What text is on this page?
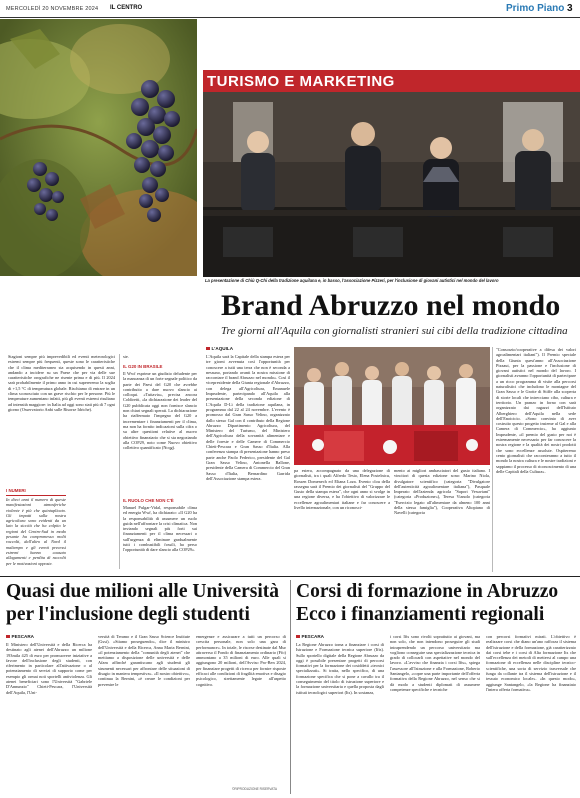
MERCOLEDÌ 20 NOVEMBRE 2024 IL CENTRO	Primo Piano 3
I NUMERI
In dieci anni il numero di queste manifestazioni atmosferiche violente è più che quintuplicato. Gli impatti sulla nostra agricoltura sono evidenti da un lato la siccità che ha colpito le regioni del Centro-Sud in modo pesante ha compromesso molti raccolti, dall'altro al Nord il maltempo e gli eventi precessi estremi hanno causato allagamenti e perdita di raccolti per le motivazioni opposte.
Stagioni sempre più imprevedibili ed eventi meteorologici estremi sempre più frequenti, queste sono le caratteristiche che il clima mediterraneo sta acquisendo in questi anni, andando a incidere su un Paese che per via delle sue caratteristiche orografiche ne risente prima e di più. Il 2024 sarà probabilmente il primo anno in cui supereremo la soglia di +1,5 °C di temperatura globale. Rischiamo di entrare in un clima sconosciuto con un grave rischio per le persone. Più le temperature aumentano infatti, più gli eventi estremi risultano ad intensità maggiore: in Italia ad oggi sono stati più di 7 ogni giorno (Osservatorio Anbi sulle Risorse Idriche).
ste.
IL G20 IN BRASILE
Il Wwf esprime un giudizio deludente per la mancanza di un forte segnale politico da parte dei Paesi del G20 che avrebbe contribuito a dare nuovo slancio ai colloqui. «Tuttavia», precisa ancora Coldiretti, «la dichiarazione dei leader del G20 pubblicata oggi non fornisce slancio non chiari segnali sperati. La dichiarazione ha riaffermato l'impegno del G20 a incrementare i finanziamenti per il clima, ma non ha fornito indicazioni sulla cifra o su altre questioni relative al nuovo obiettivo finanziario che si sta negoziando alla COP29, noto come Nuovo obiettivo collettivo quantificato (Ncqg).
IL RUOLO CHE NON C'È
Manuel Pulgar-Vidal, responsabile clima ed energia Wwf, ha dichiarato: «Il G20 ha la responsabilità di assumere un ruolo guida nell'affrontare la crisi climatica. Non inviando segnali più forti sui finanziamenti per il clima necessari o sull'urgenza di eliminare gradualmente tutti i combustibili fossili, ha perso l'opportunità di dare slancio alla COP29».
TURISMO E MARKETING
La presentazione di Chiù Q-Chi della tradizione aquilana e, in basso, l'associazione Pizzeri, per l'inclusione di giovani autistici nel mondo del lavoro
Brand Abruzzo nel mondo
Tre giorni all'Aquila con giornalisti stranieri sui cibi della tradizione cittadina
L'AQUILA
L'Aquila sarà la Capitale della stampa estera per tre giorni avvenuta così l'opportunità per conoscere a tutti una terra che non è seconda a nessuno, portando avanti la nostra missione di raccontare il brand Abruzzo nel mondo». Così il vicepresidente della Giunta regionale d'Abruzzo, con delega all'Agricoltura, Emanuele Imprudente, partecipando all'Aquila alla presentazione della seconda edizione di L'Aquila D-Lì della tradizione aquilana, in programma dal 22 al 24 novembre. L'evento è promosso dal Gran Sasso Velino, organizzato dallo stesso Gal con il contributo della Regione Abruzzo Dipartimento Agricoltura, del Ministero del Turismo, del Ministero dell'Agricoltura della sovranità alimentare e delle foreste e delle Camere di Commercio Chieti-Pescara e Gran Sasso d'Italia. Alla conferenza stampa di presentazione hanno preso parte anche Paolo Federico, presidente del Gal Gran Sasso Velino, Antonella Ballone, presidente della Camera di Commercio del Gran Sasso d'Italia, Bernardino Garrida dell'Associazione stampa estera.
pa estera, accompagnato da una delegazione di giornalisti, tra i quali Alfredo Tesio, Elena Postelnicu, Rossen Domenech ed Eliana Loza. Evento clou della rassegna sarà il Premio dei giornalisti del "Gruppo del Gusto della stampa estera", che ogni anno si svolge in una regione diversa, e ha l'obiettivo di valorizzare le eccellenze agroalimentari italiane e far conoscere a livello internazionale, con un riconosci-
mento ai migliori ambasciatori del gusto italiano. I vincitori di questa edizione sono: Marino Niola, divulgatore scientifico (categoria "Divulgatore dell'autenticità agroalimentare italiana"), Pasquale Imperato dell'azienda agricola "Sapori Vesuviani" (categoria «Produzione»), Teresa Vianolo (categoria "Esercizio legato all'alimentare da almeno 100 anni della stessa famiglia"), Cooperativa Altopiano di Navelli (categoria
"Consorzio/cooperative a difesa dei valori agroalimentari italiani"). Il Premio speciale della Giunta quest'anno all'Associazione Pizzaut, per la passione e l'inclusione di giovani autistici nel mondo del lavoro. I giornalisti avranno l'opportunità di partecipare a un ricco programma di visite alla percorsi naturalistici che includono le montagne del Gran Sasso e le Grotte di Stiffe alla scoperta di storie locali che intrecciano cibo, cultura e territorio. Un pranzo in forno con sarà organizzato dai ragazzi dell'Istituto Alberghiero dell'Aquila nella sede dell'Enoicicio. «Sono convinto di aver costruito questo progetto insieme al Gal e alla Camera di Commercio», ha aggiunto Imprudente, «il premio del gusto per noi è estremamente necessario per far conoscere la nostra regione e la qualità dei nostri prodotti che sono eccellenze assolute. Ospiteremo cento giornalisti che racconteranno a tutto il mondo la nostra cultura e le nostre tradizioni e sappiamo il processo di riconoscimento di una delle Capitali della Cultura».
Quasi due milioni alle Università
per l'inclusione degli studenti
PESCARA
Il Ministero dell'Università e della Ricerca ha destinato agli atenei dell'Abruzzo un milione 193mila 425 di euro per promuovere iniziative a favore dell'inclusione degli studenti, con riferimento in particolare all'attivazione o al potenziamento di servizi di supporto come per esempio gli ormai noti sportelli antiviolenza. Gli atenei beneficiari sono l'Università "Gabriele D'Annunzio" Chieti-Pescara, l'Università dell'Aquila, l'Uni-
versità di Teramo e il Gran Sasso Science Institute (Gssi). «Stiamo proseguendo», dice il ministro dell'Università e della Ricerca, Anna Maria Bernini, «il potenziamento della "comunità degli atenei" che mettiamo a disposizione delle università e delle Afam affinché garantiscano agli studenti gli strumenti necessari per affrontare delle situazioni di disagio in maniera tempestiva». «Il nostro obiettivo», continua la Bernini, «è creare le condizioni per prevenire le
emergenze e assicurare a tutti un percorso di crescita personale, non solo una gara di performance». In totale, le risorse destinate dal Mur attraverso il Fondo di finanziamento ordinario (Ffo) ammontano a 35 milioni di euro. Alle quali si aggiungono 20 milioni, dell'Avviso Pro-Ben 2024, per finanziare progetti di ricerca per fornire risposte efficaci alle condizioni di fragilità emotiva e disagio psicologico, strettamente legate all'aspetto cognitivo.
©RIPRODUZIONE RISERVATA
Corsi di formazione in Abruzzo
Ecco i finanziamenti regionali
PESCARA
La Regione Abruzzo torna a finanziare i corsi di Istruzione e Formazione tecnica superiore (Ifts). Sullo sportello digitale della Regione Abruzzo da oggi è possibile presentare progetti di percorsi formativi per la formazione dei cosiddetti «tecnici specializzati». Si tratta, nello specifico, di una formazione specifica che si pone a cavallo tra il conseguimento del titolo di istruzione superiore e la formazione universitaria e quella proposta dagli istituti tecnologici superiori (Its). In sostanza,
i corsi Ifts sono rivolti soprattutto ai giovani, ma non solo, che non intendono proseguire gli studi intraprendendo un percorso universitario ma vogliono conseguire una specializzazione tecnica in grado di collocarli con aspettative nel mondo del lavoro. «L'avviso che finanzia i corsi Ifts», spiega l'assessore all'Istruzione e alla Formazione, Roberto Santangelo, «copre una parte importante dell'offerta formativa della Regione Abruzzo, nel senso che si dà modo a studenti diplomati di assumere competenze specifiche e tecniche
con percorsi formativi mirati. L'obiettivo è realizzare corsi che diano un'ano rafforza il sistema dell'istruzione e della formazione, già caratterizzato dai corsi tebe e i corsi di Alta formazione Its che sull'eccellenza dei metodi di mettersi al campo una formazione di eccellenza nelle discipline tecnico-scientifiche, una sorta di servizio trasversale che funga da collante tra il sistema dell'istruzione e il tessuto economico locale». «In questo modo», aggiunge Santangelo, «la Regione ha finanziato l'intera offerta formativa».
